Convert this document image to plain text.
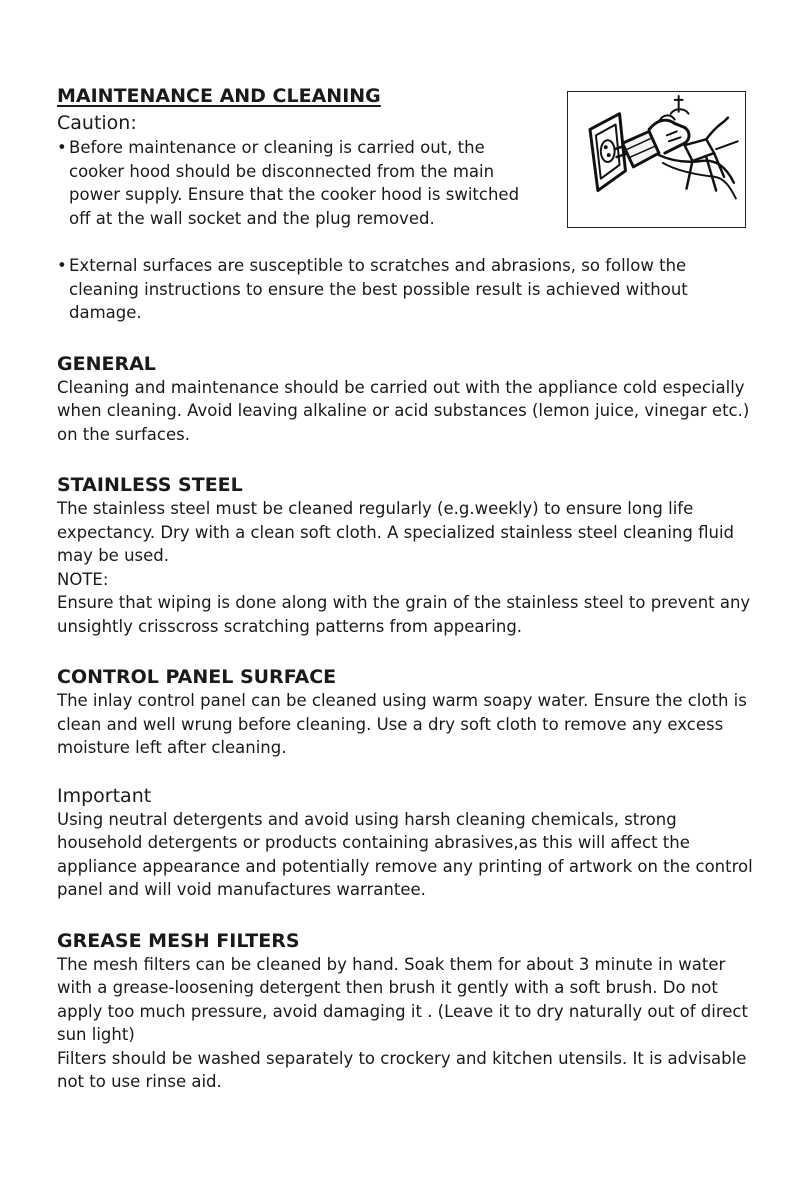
MAINTENANCE AND CLEANING

Caution:

• Before maintenance or cleaning is carried out, the cooker hood should be disconnected from the main power supply. Ensure that the cooker hood is switched off at the wall socket and the plug removed.

• External surfaces are susceptible to scratches and abrasions, so follow the cleaning instructions to ensure the best possible result is achieved without damage.

GENERAL

Cleaning and maintenance should be carried out with the appliance cold especially when cleaning. Avoid leaving alkaline or acid substances (lemon juice, vinegar etc.) on the surfaces.

STAINLESS STEEL

The stainless steel must be cleaned regularly (e.g.weekly) to ensure long life expectancy. Dry with a clean soft cloth. A specialized stainless steel cleaning fluid may be used.

NOTE:

Ensure that wiping is done along with the grain of the stainless steel to prevent any unsightly crisscross scratching patterns from appearing.

CONTROL PANEL SURFACE

The inlay control panel can be cleaned using warm soapy water. Ensure the cloth is clean and well wrung before cleaning. Use a dry soft cloth to remove any excess moisture left after cleaning.

Important

Using neutral detergents and avoid using harsh cleaning chemicals, strong household detergents or products containing abrasives,as this will affect the appliance appearance and potentially remove any printing of artwork on the control panel and will void manufactures warrantee.

GREASE MESH FILTERS

The mesh filters can be cleaned by hand. Soak them for about 3 minute in water with a grease-loosening detergent then brush it gently with a soft brush. Do not apply too much pressure, avoid damaging it . (Leave it to dry naturally out of direct sun light)

Filters should be washed separately to crockery and kitchen utensils. It is advisable not to use rinse aid.
